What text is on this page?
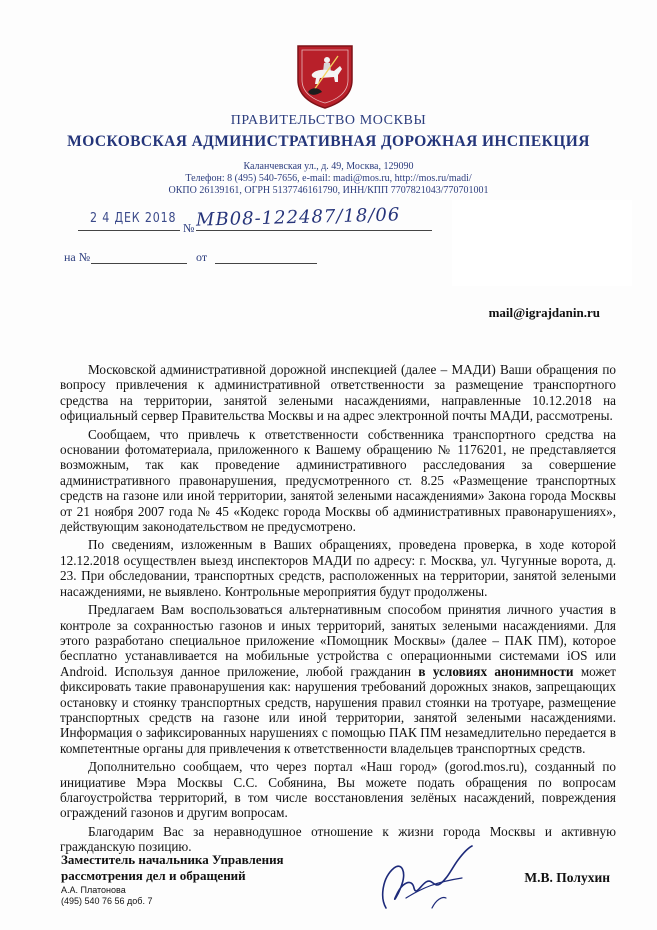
ПРАВИТЕЛЬСТВО МОСКВЫ
МОСКОВСКАЯ АДМИНИСТРАТИВНАЯ ДОРОЖНАЯ ИНСПЕКЦИЯ
Каланчевская ул., д. 49, Москва, 129090
Телефон: 8 (495) 540-7656, e-mail: madi@mos.ru, http://mos.ru/madi/
ОКПО 26139161, ОГРН 5137746161790, ИНН/КПП 7707821043/770701001
2 4 ДЕК 2018
№ МВ08-122487/18/06
на №	от
mail@igrajdanin.ru

Московской административной дорожной инспекцией (далее – МАДИ) Ваши обращения по вопросу привлечения к административной ответственности за размещение транспортного средства на территории, занятой зелеными насаждениями, направленные 10.12.2018 на официальный сервер Правительства Москвы и на адрес электронной почты МАДИ, рассмотрены.

Сообщаем, что привлечь к ответственности собственника транспортного средства на основании фотоматериала, приложенного к Вашему обращению № 1176201, не представляется возможным, так как проведение административного расследования за совершение административного правонарушения, предусмотренного ст. 8.25 «Размещение транспортных средств на газоне или иной территории, занятой зелеными насаждениями» Закона города Москвы от 21 ноября 2007 года № 45 «Кодекс города Москвы об административных правонарушениях», действующим законодательством не предусмотрено.

По сведениям, изложенным в Ваших обращениях, проведена проверка, в ходе которой 12.12.2018 осуществлен выезд инспекторов МАДИ по адресу: г. Москва, ул. Чугунные ворота, д. 23. При обследовании, транспортных средств, расположенных на территории, занятой зелеными насаждениями, не выявлено. Контрольные мероприятия будут продолжены.

Предлагаем Вам воспользоваться альтернативным способом принятия личного участия в контроле за сохранностью газонов и иных территорий, занятых зелеными насаждениями. Для этого разработано специальное приложение «Помощник Москвы» (далее – ПАК ПМ), которое бесплатно устанавливается на мобильные устройства с операционными системами iOS или Android. Используя данное приложение, любой гражданин в условиях анонимности может фиксировать такие правонарушения как: нарушения требований дорожных знаков, запрещающих остановку и стоянку транспортных средств, нарушения правил стоянки на тротуаре, размещение транспортных средств на газоне или иной территории, занятой зелеными насаждениями. Информация о зафиксированных нарушениях с помощью ПАК ПМ незамедлительно передается в компетентные органы для привлечения к ответственности владельцев транспортных средств.

Дополнительно сообщаем, что через портал «Наш город» (gorod.mos.ru), созданный по инициативе Мэра Москвы С.С. Собянина, Вы можете подать обращения по вопросам благоустройства территорий, в том числе восстановления зелёных насаждений, повреждения ограждений газонов и другим вопросам.

Благодарим Вас за неравнодушное отношение к жизни города Москвы и активную гражданскую позицию.

Заместитель начальника Управления
рассмотрения дел и обращений
А.А. Платонова
(495) 540 76 56 доб. 7
М.В. Полухин
